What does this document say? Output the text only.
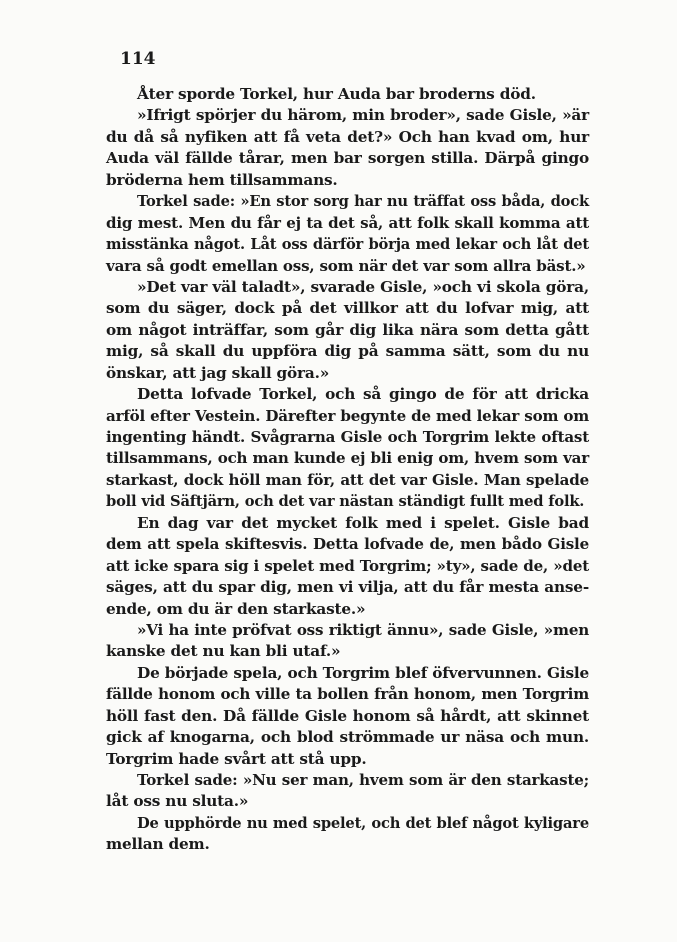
114

Åter sporde Torkel, hur Auda bar broderns död.
»Ifrigt spörjer du härom, min broder», sade Gisle, »är
du då så nyfiken att få veta det?» Och han kvad om, hur
Auda väl fällde tårar, men bar sorgen stilla. Därpå gingo
bröderna hem tillsammans.
Torkel sade: »En stor sorg har nu träffat oss båda, dock
dig mest. Men du får ej ta det så, att folk skall komma att
misstänka något. Låt oss därför börja med lekar och låt det
vara så godt emellan oss, som när det var som allra bäst.»
»Det var väl taladt», svarade Gisle, »och vi skola göra,
som du säger, dock på det villkor att du lofvar mig, att
om något inträffar, som går dig lika nära som detta gått
mig, så skall du uppföra dig på samma sätt, som du nu
önskar, att jag skall göra.»
Detta lofvade Torkel, och så gingo de för att dricka
arföl efter Vestein. Därefter begynte de med lekar som om
ingenting händt. Svågrarna Gisle och Torgrim lekte oftast
tillsammans, och man kunde ej bli enig om, hvem som var
starkast, dock höll man för, att det var Gisle. Man spelade
boll vid Säftjärn, och det var nästan ständigt fullt med folk.
En dag var det mycket folk med i spelet. Gisle bad
dem att spela skiftesvis. Detta lofvade de, men bådo Gisle
att icke spara sig i spelet med Torgrim; »ty», sade de, »det
säges, att du spar dig, men vi vilja, att du får mesta anse-
ende, om du är den starkaste.»
»Vi ha inte pröfvat oss riktigt ännu», sade Gisle, »men
kanske det nu kan bli utaf.»
De började spela, och Torgrim blef öfvervunnen. Gisle
fällde honom och ville ta bollen från honom, men Torgrim
höll fast den. Då fällde Gisle honom så hårdt, att skinnet
gick af knogarna, och blod strömmade ur näsa och mun.
Torgrim hade svårt att stå upp.
Torkel sade: »Nu ser man, hvem som är den starkaste;
låt oss nu sluta.»
De upphörde nu med spelet, och det blef något kyligare
mellan dem.
